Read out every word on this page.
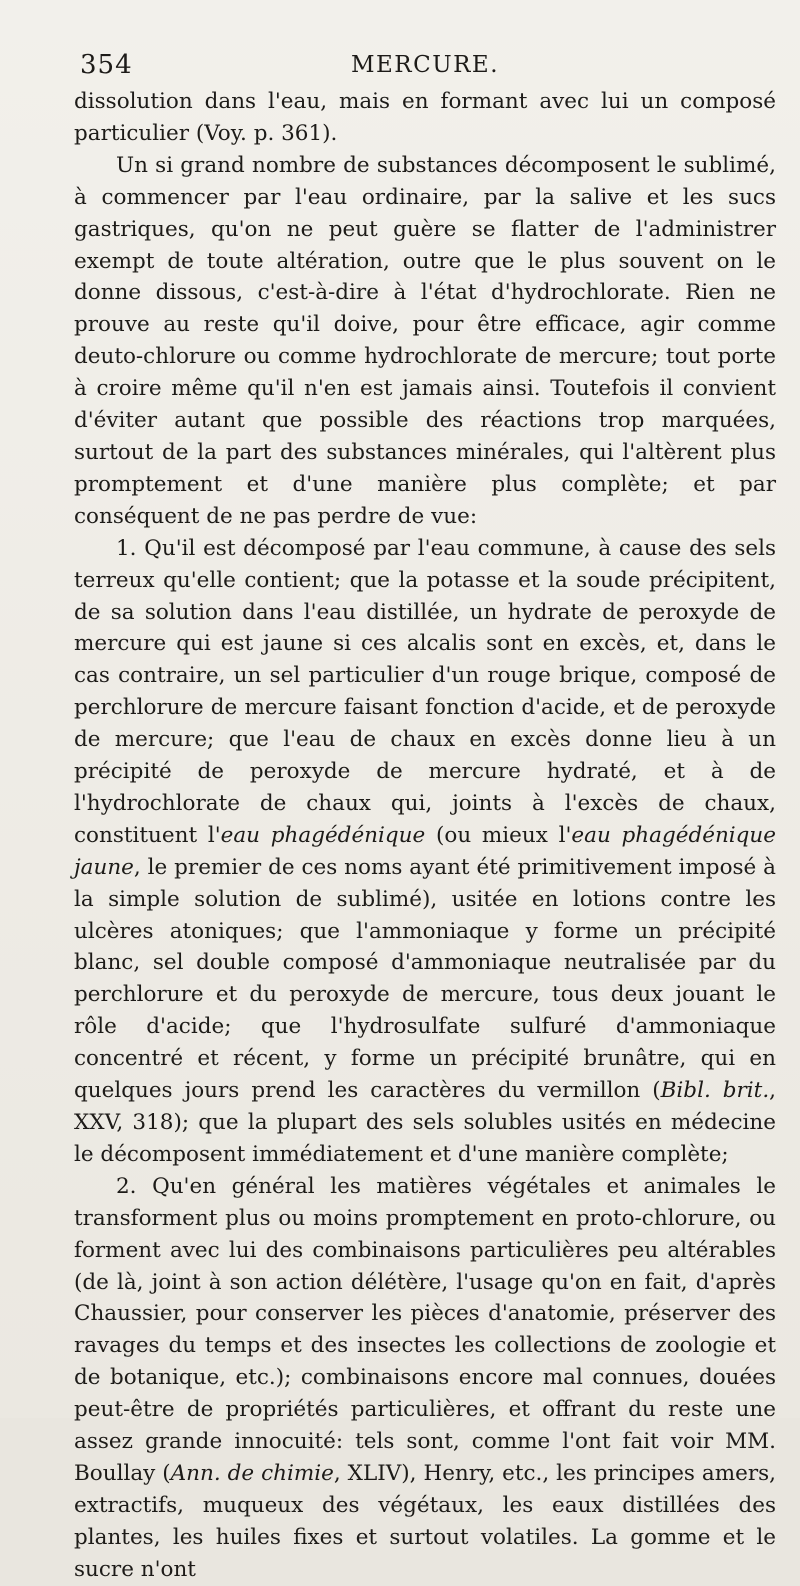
354	MERCURE.

dissolution dans l'eau, mais en formant avec lui un composé particulier (Voy. p. 361).

Un si grand nombre de substances décomposent le sublimé, à commencer par l'eau ordinaire, par la salive et les sucs gastriques, qu'on ne peut guère se flatter de l'administrer exempt de toute altération, outre que le plus souvent on le donne dissous, c'est-à-dire à l'état d'hydrochlorate. Rien ne prouve au reste qu'il doive, pour être efficace, agir comme deuto-chlorure ou comme hydrochlorate de mercure; tout porte à croire même qu'il n'en est jamais ainsi. Toutefois il convient d'éviter autant que possible des réactions trop marquées, surtout de la part des substances minérales, qui l'altèrent plus promptement et d'une manière plus complète; et par conséquent de ne pas perdre de vue:

1. Qu'il est décomposé par l'eau commune, à cause des sels terreux qu'elle contient; que la potasse et la soude précipitent, de sa solution dans l'eau distillée, un hydrate de peroxyde de mercure qui est jaune si ces alcalis sont en excès, et, dans le cas contraire, un sel particulier d'un rouge brique, composé de perchlorure de mercure faisant fonction d'acide, et de peroxyde de mercure; que l'eau de chaux en excès donne lieu à un précipité de peroxyde de mercure hydraté, et à de l'hydrochlorate de chaux qui, joints à l'excès de chaux, constituent l'eau phagédénique (ou mieux l'eau phagédénique jaune, le premier de ces noms ayant été primitivement imposé à la simple solution de sublimé), usitée en lotions contre les ulcères atoniques; que l'ammoniaque y forme un précipité blanc, sel double composé d'ammoniaque neutralisée par du perchlorure et du peroxyde de mercure, tous deux jouant le rôle d'acide; que l'hydrosulfate sulfuré d'ammoniaque concentré et récent, y forme un précipité brunâtre, qui en quelques jours prend les caractères du vermillon (Bibl. brit., XXV, 318); que la plupart des sels solubles usités en médecine le décomposent immédiatement et d'une manière complète;

2. Qu'en général les matières végétales et animales le transforment plus ou moins promptement en proto-chlorure, ou forment avec lui des combinaisons particulières peu altérables (de là, joint à son action délétère, l'usage qu'on en fait, d'après Chaussier, pour conserver les pièces d'anatomie, préserver des ravages du temps et des insectes les collections de zoologie et de botanique, etc.); combinaisons encore mal connues, douées peut-être de propriétés particulières, et offrant du reste une assez grande innocuité: tels sont, comme l'ont fait voir MM. Boullay (Ann. de chimie, XLIV), Henry, etc., les principes amers, extractifs, muqueux des végétaux, les eaux distillées des plantes, les huiles fixes et surtout volatiles. La gomme et le sucre n'ont
